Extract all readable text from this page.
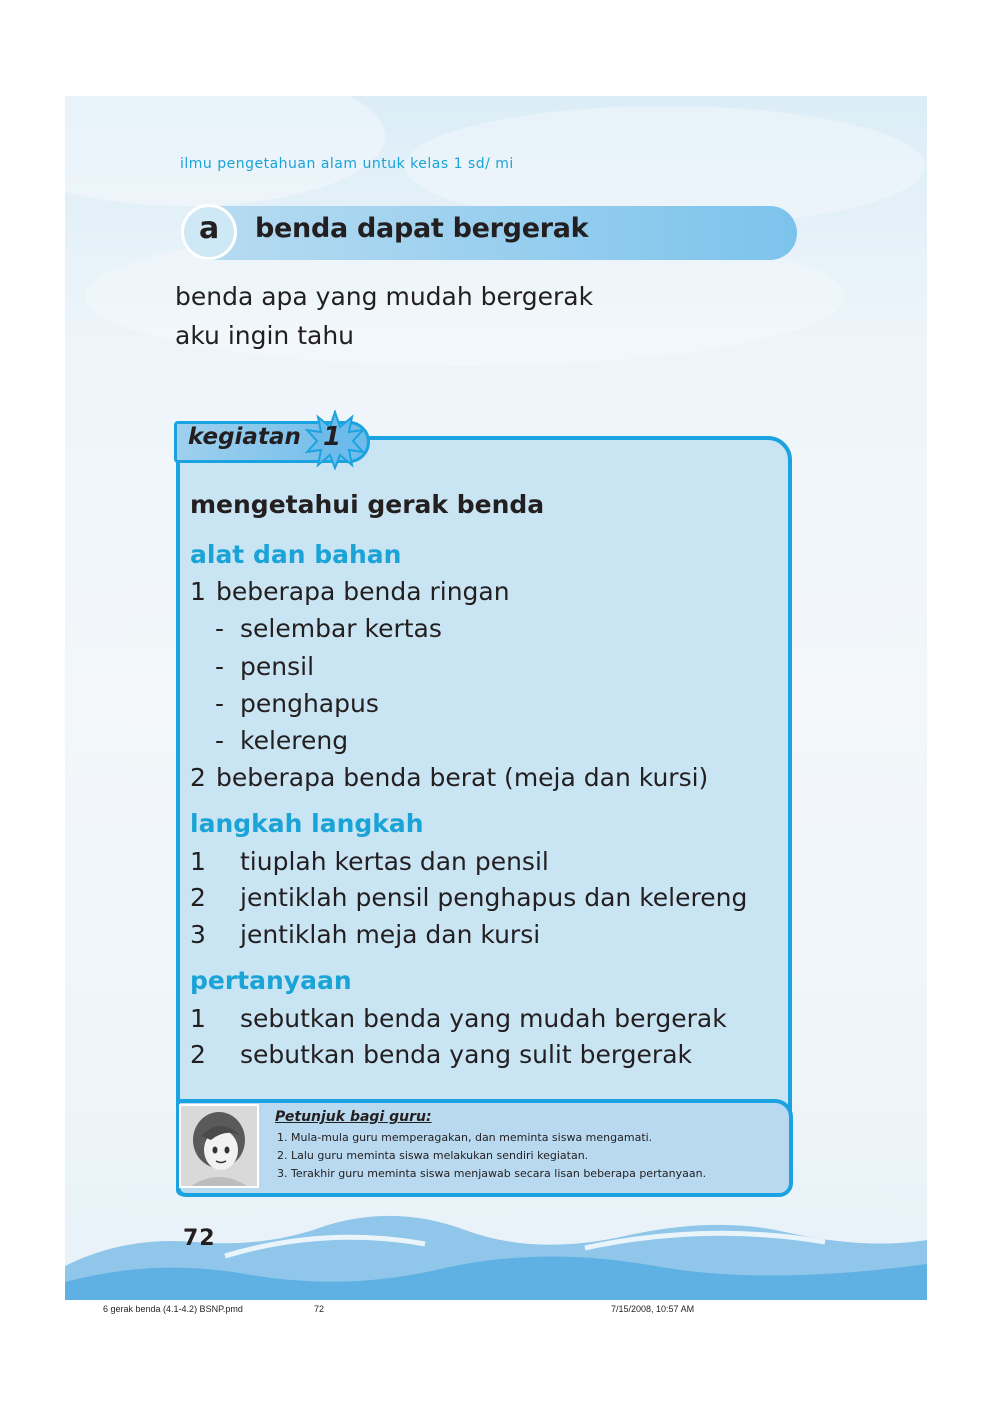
ilmu pengetahuan alam untuk kelas 1 sd/ mi
a benda dapat bergerak
benda apa yang mudah bergerak
aku ingin tahu
kegiatan 1
mengetahui gerak benda
alat dan bahan
1 beberapa benda ringan
- selembar kertas
- pensil
- penghapus
- kelereng
2 beberapa benda berat (meja dan kursi)
langkah langkah
1 tiuplah kertas dan pensil
2 jentiklah pensil penghapus dan kelereng
3 jentiklah meja dan kursi
pertanyaan
1 sebutkan benda yang mudah bergerak
2 sebutkan benda yang sulit bergerak
Petunjuk bagi guru:
1. Mula-mula guru memperagakan, dan meminta siswa mengamati.
2. Lalu guru meminta siswa melakukan sendiri kegiatan.
3. Terakhir guru meminta siswa menjawab secara lisan beberapa pertanyaan.
72
6 gerak benda (4.1-4.2) BSNP.pmd	72	7/15/2008, 10:57 AM
